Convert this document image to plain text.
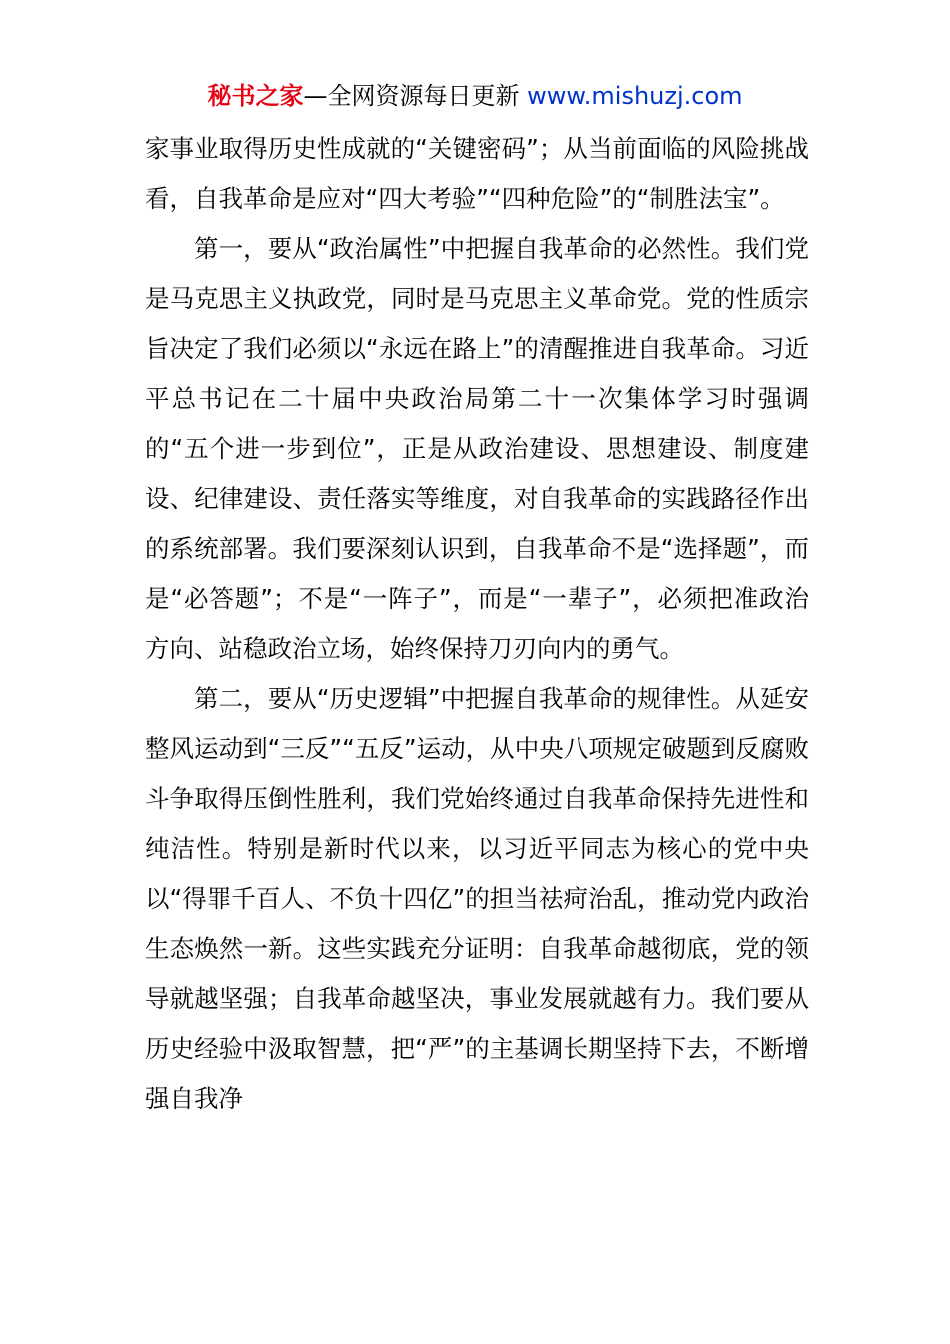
秘书之家—全网资源每日更新 www.mishuzj.com

家事业取得历史性成就的“关键密码”；从当前面临的风险挑战看，自我革命是应对“四大考验”“四种危险”的“制胜法宝”。

第一，要从“政治属性”中把握自我革命的必然性。我们党是马克思主义执政党，同时是马克思主义革命党。党的性质宗旨决定了我们必须以“永远在路上”的清醒推进自我革命。习近平总书记在二十届中央政治局第二十一次集体学习时强调的“五个进一步到位”，正是从政治建设、思想建设、制度建设、纪律建设、责任落实等维度，对自我革命的实践路径作出的系统部署。我们要深刻认识到，自我革命不是“选择题”，而是“必答题”；不是“一阵子”，而是“一辈子”，必须把准政治方向、站稳政治立场，始终保持刀刃向内的勇气。

第二，要从“历史逻辑”中把握自我革命的规律性。从延安整风运动到“三反”“五反”运动，从中央八项规定破题到反腐败斗争取得压倒性胜利，我们党始终通过自我革命保持先进性和纯洁性。特别是新时代以来，以习近平同志为核心的党中央以“得罪千百人、不负十四亿”的担当祛疴治乱，推动党内政治生态焕然一新。这些实践充分证明：自我革命越彻底，党的领导就越坚强；自我革命越坚决，事业发展就越有力。我们要从历史经验中汲取智慧，把“严”的主基调长期坚持下去，不断增强自我净
